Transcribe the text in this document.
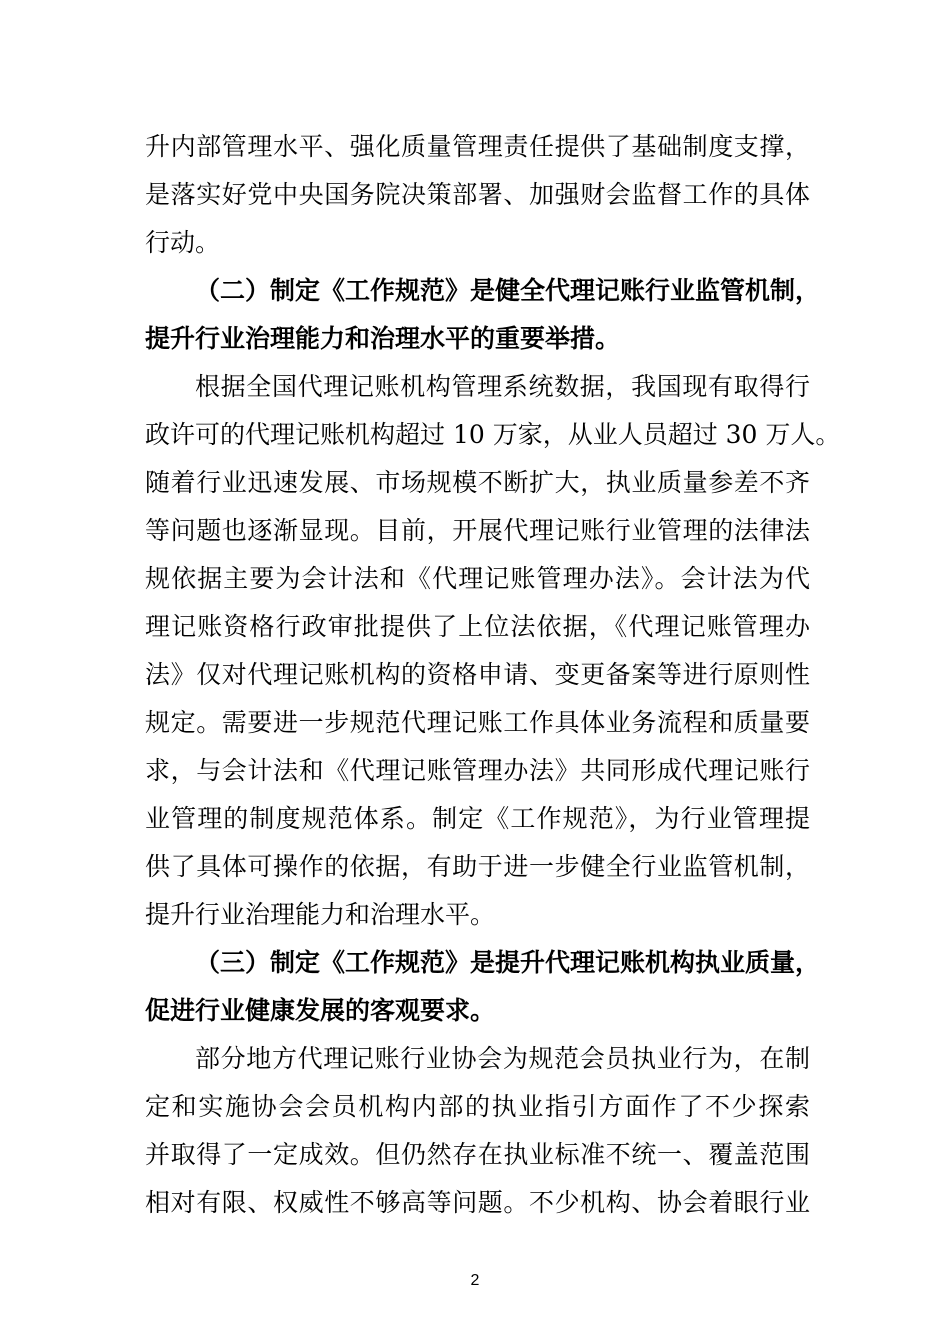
升内部管理水平、强化质量管理责任提供了基础制度支撑，
是落实好党中央国务院决策部署、加强财会监督工作的具体
行动。
（二）制定《工作规范》是健全代理记账行业监管机制，
提升行业治理能力和治理水平的重要举措。
根据全国代理记账机构管理系统数据，我国现有取得行
政许可的代理记账机构超过 10 万家，从业人员超过 30 万人。
随着行业迅速发展、市场规模不断扩大，执业质量参差不齐
等问题也逐渐显现。目前，开展代理记账行业管理的法律法
规依据主要为会计法和《代理记账管理办法》。会计法为代
理记账资格行政审批提供了上位法依据，《代理记账管理办
法》仅对代理记账机构的资格申请、变更备案等进行原则性
规定。需要进一步规范代理记账工作具体业务流程和质量要
求，与会计法和《代理记账管理办法》共同形成代理记账行
业管理的制度规范体系。制定《工作规范》，为行业管理提
供了具体可操作的依据，有助于进一步健全行业监管机制，
提升行业治理能力和治理水平。
（三）制定《工作规范》是提升代理记账机构执业质量，
促进行业健康发展的客观要求。
部分地方代理记账行业协会为规范会员执业行为，在制
定和实施协会会员机构内部的执业指引方面作了不少探索
并取得了一定成效。但仍然存在执业标准不统一、覆盖范围
相对有限、权威性不够高等问题。不少机构、协会着眼行业
2
